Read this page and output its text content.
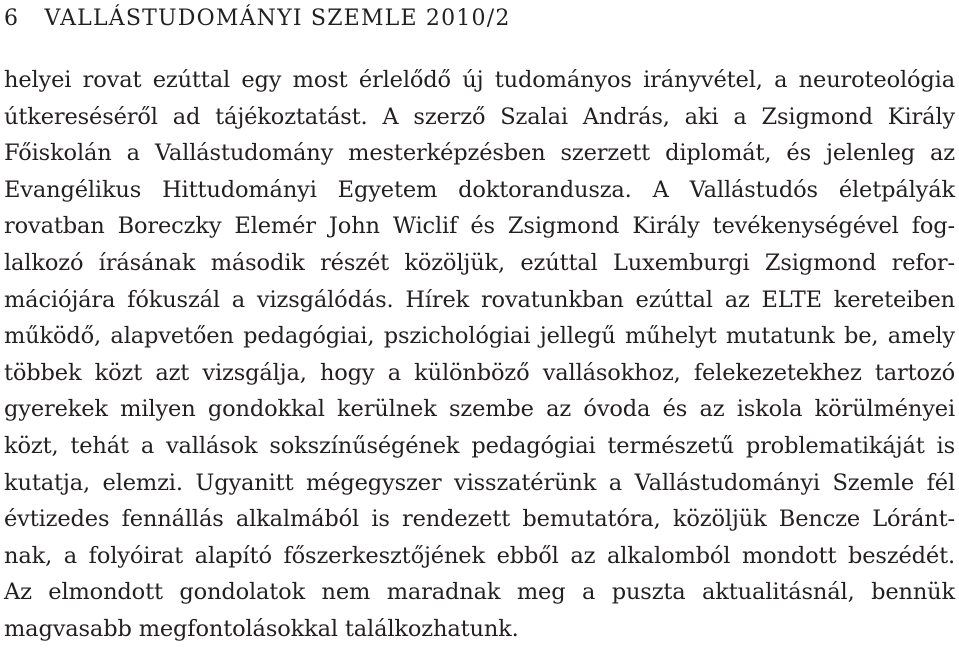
6 VALLÁSTUDOMÁNYI SZEMLE 2010/2
helyei rovat ezúttal egy most érlelődő új tudományos irányvétel, a neuroteológia
útkereséséről ad tájékoztatást. A szerző Szalai András, aki a Zsigmond Király
Főiskolán a Vallástudomány mesterképzésben szerzett diplomát, és jelenleg az
Evangélikus Hittudományi Egyetem doktorandusza. A Vallástudós életpályák
rovatban Boreczky Elemér John Wiclif és Zsigmond Király tevékenységével fog-
lalkozó írásának második részét közöljük, ezúttal Luxemburgi Zsigmond refor-
mációjára fókuszál a vizsgálódás. Hírek rovatunkban ezúttal az ELTE kereteiben
működő, alapvetően pedagógiai, pszichológiai jellegű műhelyt mutatunk be, amely
többek közt azt vizsgálja, hogy a különböző vallásokhoz, felekezetekhez tartozó
gyerekek milyen gondokkal kerülnek szembe az óvoda és az iskola körülményei
közt, tehát a vallások sokszínűségének pedagógiai természetű problematikáját is
kutatja, elemzi. Ugyanitt mégegyszer visszatérünk a Vallástudományi Szemle fél
évtizedes fennállás alkalmából is rendezett bemutatóra, közöljük Bencze Lóránt-
nak, a folyóirat alapító főszerkesztőjének ebből az alkalomból mondott beszédét.
Az elmondott gondolatok nem maradnak meg a puszta aktualitásnál, bennük
magvasabb megfontolásokkal találkozhatunk.
